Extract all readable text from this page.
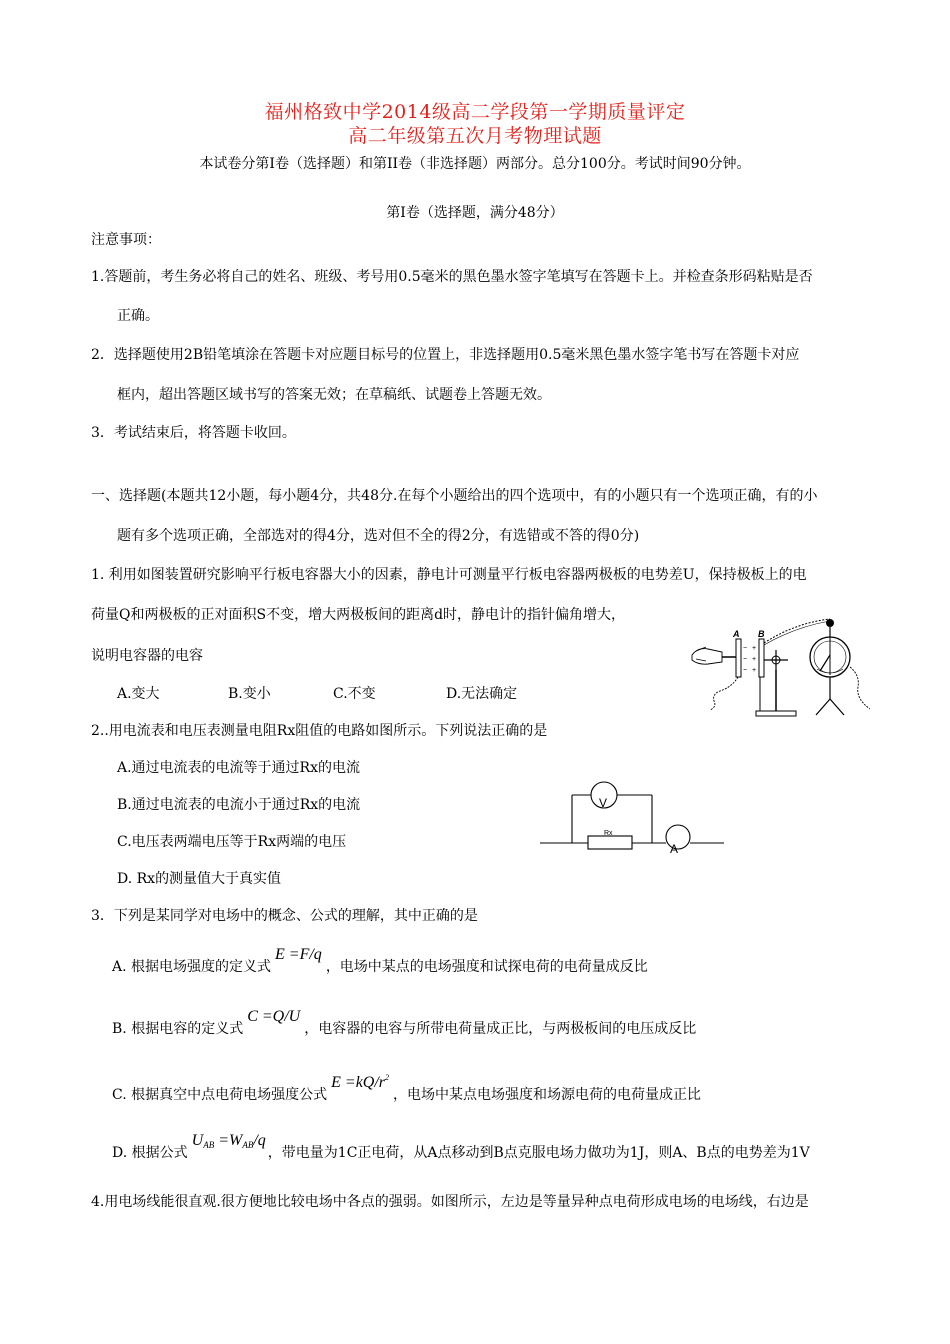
福州格致中学2014级高二学段第一学期质量评定
高二年级第五次月考物理试题
本试卷分第Ⅰ卷（选择题）和第II卷（非选择题）两部分。总分100分。考试时间90分钟。
第Ⅰ卷（选择题，满分48分）
注意事项：
1.答题前，考生务必将自己的姓名、班级、考号用0.5毫米的黑色墨水签字笔填写在答题卡上。并检查条形码粘贴是否
正确。
2．选择题使用2B铅笔填涂在答题卡对应题目标号的位置上，非选择题用0.5毫米黑色墨水签字笔书写在答题卡对应
框内，超出答题区域书写的答案无效；在草稿纸、试题卷上答题无效。
3．考试结束后，将答题卡收回。
一、选择题(本题共12小题，每小题4分，共48分.在每个小题给出的四个选项中，有的小题只有一个选项正确，有的小
题有多个选项正确，全部选对的得4分，选对但不全的得2分，有选错或不答的得0分)
1. 利用如图装置研究影响平行板电容器大小的因素，静电计可测量平行板电容器两极板的电势差U，保持极板上的电
荷量Q和两极板的正对面积S不变，增大两极板间的距离d时，静电计的指针偏角增大，
说明电容器的电容
A.变大	B.变小	C.不变	D.无法确定
A
−
−
−
+
+
+
B
2..用电流表和电压表测量电阻Rx阻值的电路如图所示。下列说法正确的是
A.通过电流表的电流等于通过Rx的电流
B.通过电流表的电流小于通过Rx的电流
C.电压表两端电压等于Rx两端的电压
D. Rx的测量值大于真实值
Rx
V
A
3．下列是某同学对电场中的概念、公式的理解，其中正确的是
A. 根据电场强度的定义式E =F/q，电场中某点的电场强度和试探电荷的电荷量成反比
B. 根据电容的定义式C =Q/U，电容器的电容与所带电荷量成正比，与两极板间的电压成反比
C. 根据真空中点电荷电场强度公式$E =kQ/r^2$，电场中某点电场强度和场源电荷的电荷量成正比
D. 根据公式$U_{AB} =W_{AB}/q$，带电量为1C正电荷，从A点移动到B点克服电场力做功为1J，则A、B点的电势差为1V
4.用电场线能很直观.很方便地比较电场中各点的强弱。如图所示，左边是等量异种点电荷形成电场的电场线，右边是
